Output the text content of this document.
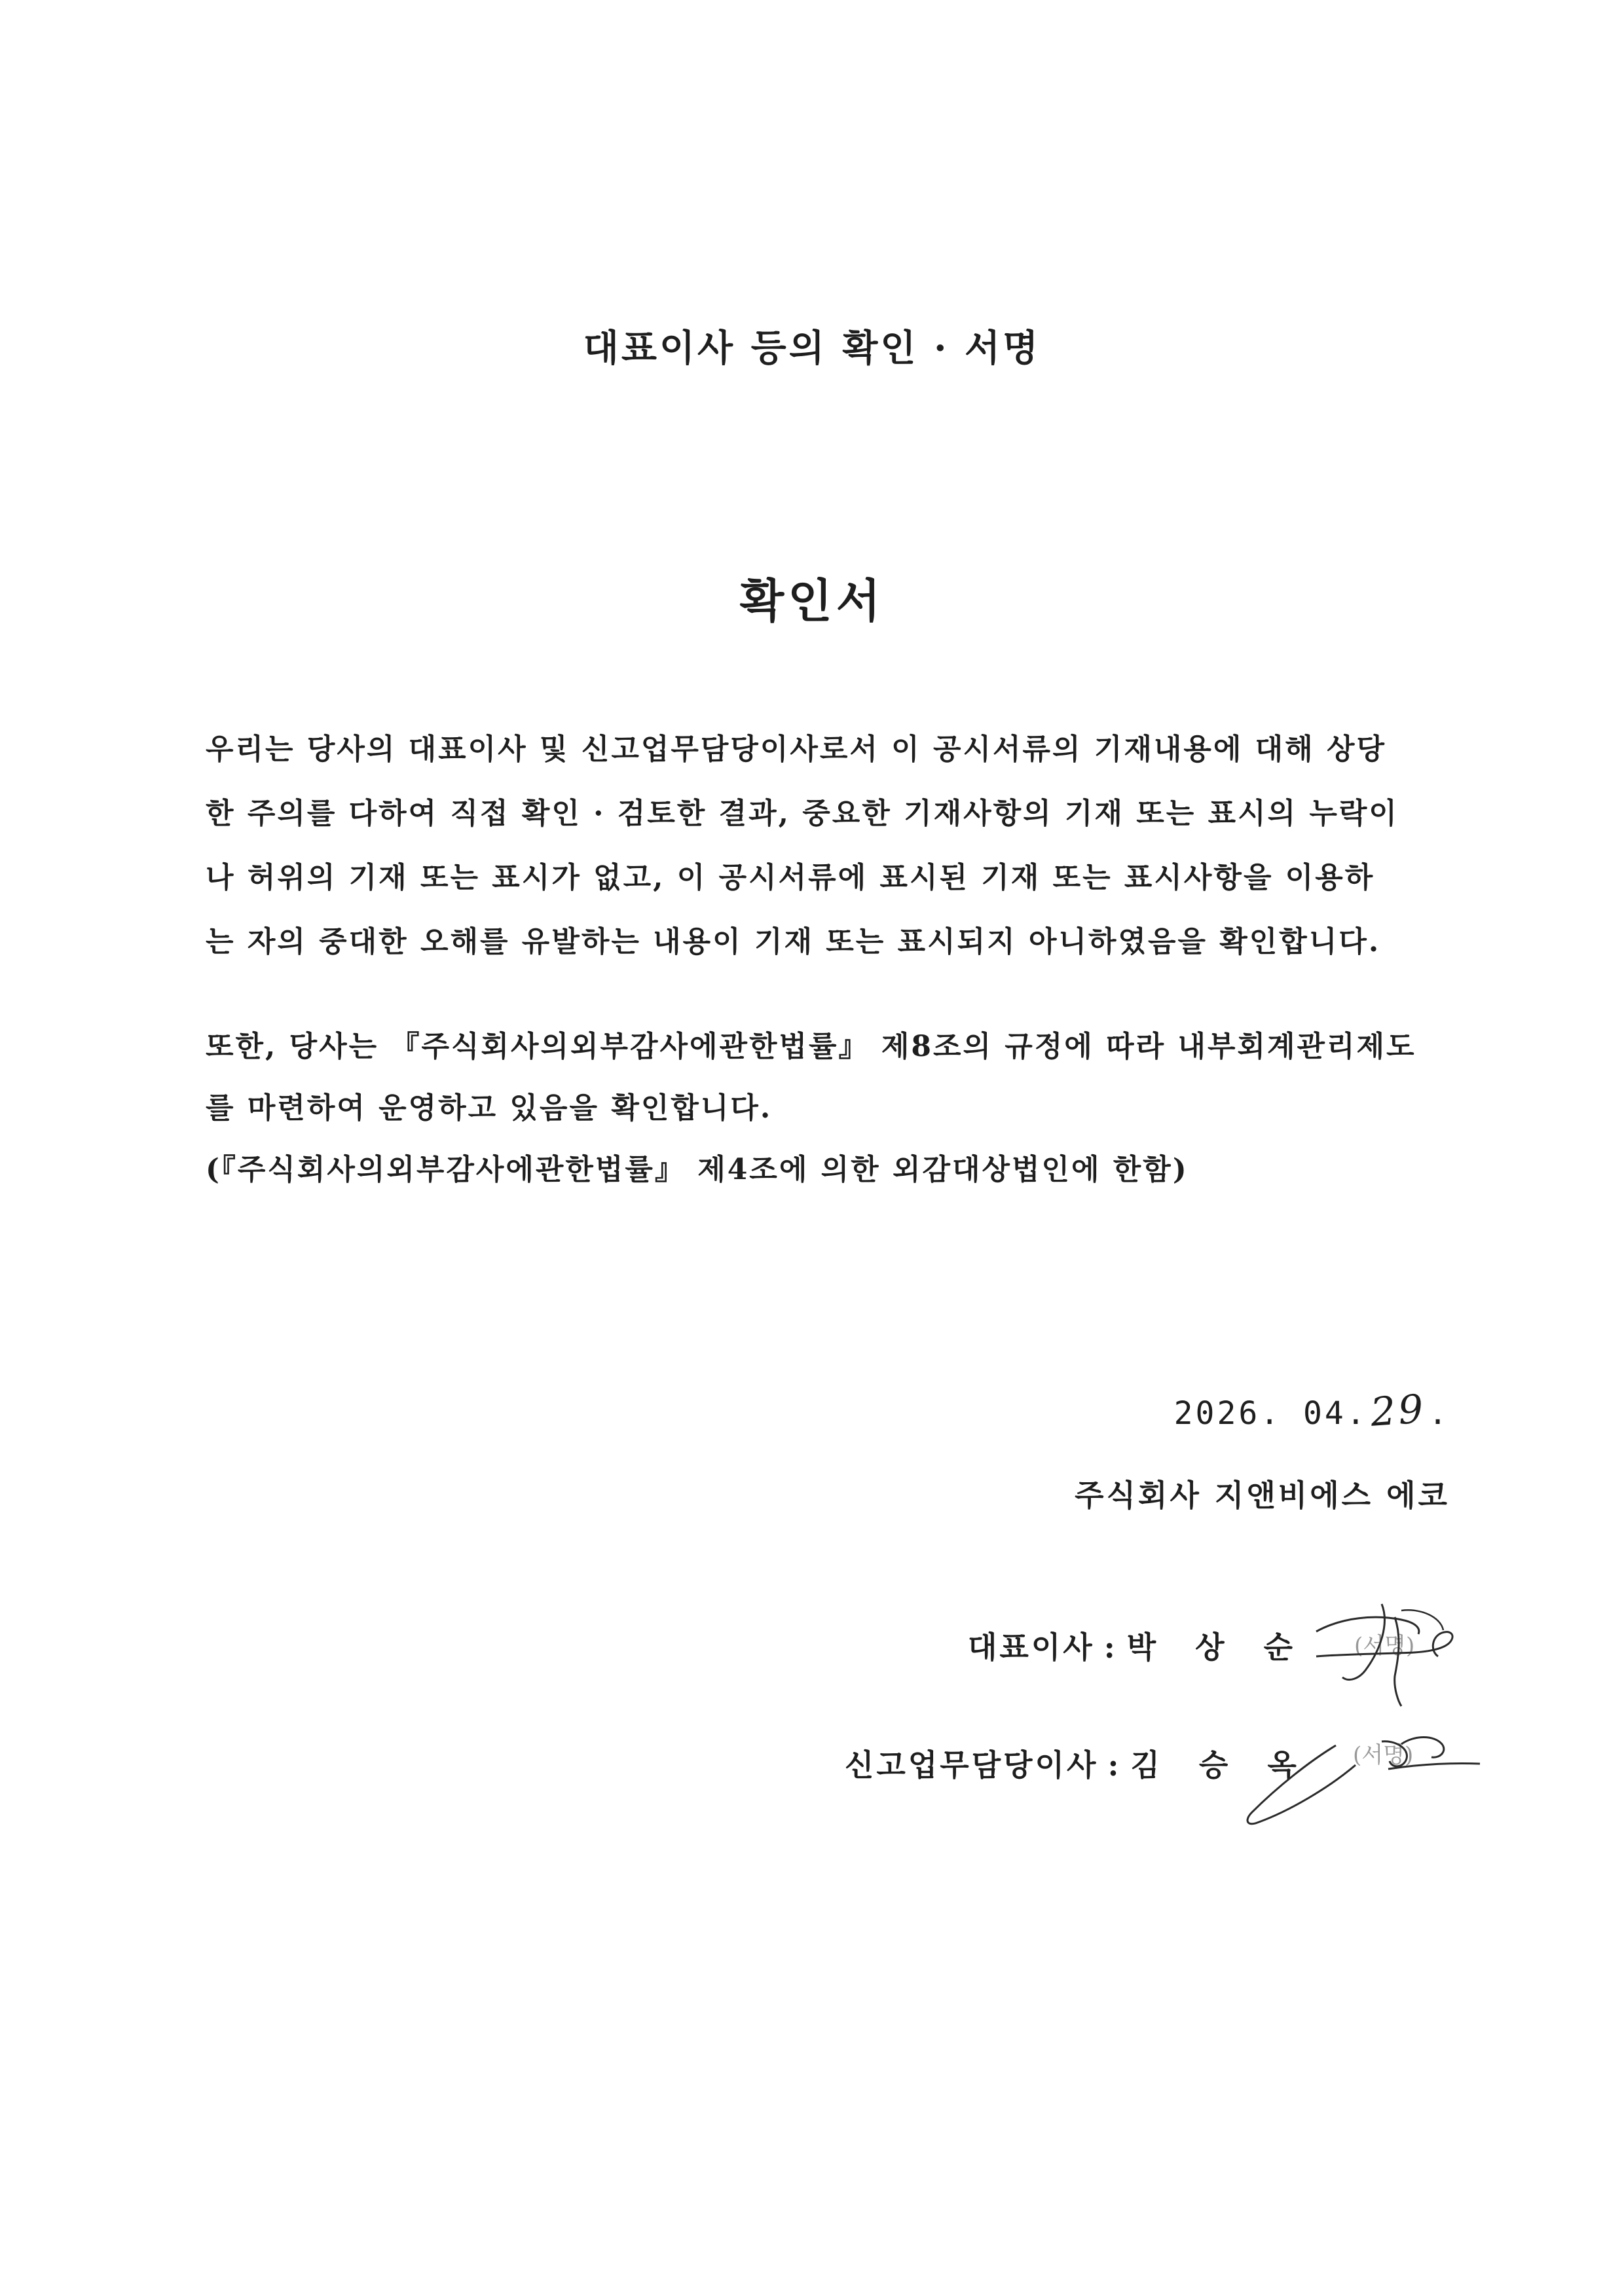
대표이사 등의 확인 · 서명
확인서
우리는 당사의 대표이사 및 신고업무담당이사로서 이 공시서류의 기재내용에 대해 상당
한 주의를 다하여 직접 확인 · 검토한 결과, 중요한 기재사항의 기재 또는 표시의 누락이
나 허위의 기재 또는 표시가 없고, 이 공시서류에 표시된 기재 또는 표시사항을 이용하
는 자의 중대한 오해를 유발하는 내용이 기재 또는 표시되지 아니하였음을 확인합니다.
또한, 당사는 『주식회사의외부감사에관한법률』 제8조의 규정에 따라 내부회계관리제도
를 마련하여 운영하고 있음을 확인합니다.
(『주식회사의외부감사에관한법률』 제4조에 의한 외감대상법인에 한함)
2026. 04.29.
주식회사 지앤비에스 에코
대표이사 : 박 상 순 (서명)
신고업무담당이사 : 김 승 옥 (서명)
